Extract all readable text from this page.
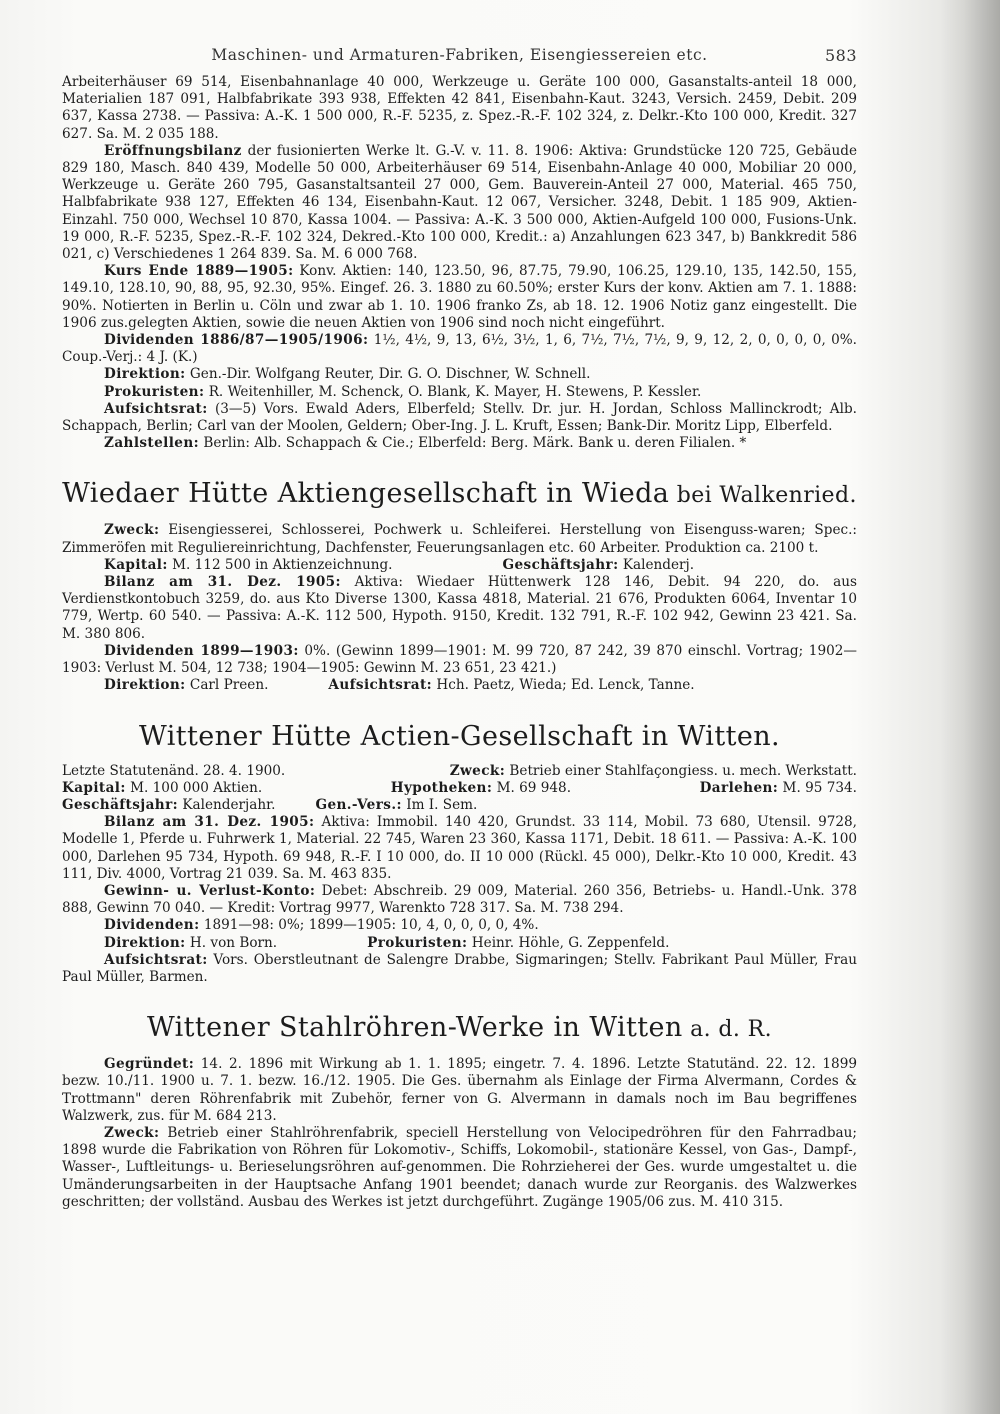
Maschinen- und Armaturen-Fabriken, Eisengiessereien etc.	583

Arbeiterhäuser 69 514, Eisenbahnanlage 40 000, Werkzeuge u. Geräte 100 000, Gasanstalts-anteil 18 000, Materialien 187 091, Halbfabrikate 393 938, Effekten 42 841, Eisenbahn-Kaut. 3243, Versich. 2459, Debit. 209 637, Kassa 2738. — Passiva: A.-K. 1 500 000, R.-F. 5235, z. Spez.-R.-F. 102 324, z. Delkr.-Kto 100 000, Kredit. 327 627. Sa. M. 2 035 188.

Eröffnungsbilanz der fusionierten Werke lt. G.-V. v. 11. 8. 1906: Aktiva: Grundstücke 120 725, Gebäude 829 180, Masch. 840 439, Modelle 50 000, Arbeiterhäuser 69 514, Eisenbahn-Anlage 40 000, Mobiliar 20 000, Werkzeuge u. Geräte 260 795, Gasanstaltsanteil 27 000, Gem. Bauverein-Anteil 27 000, Material. 465 750, Halbfabrikate 938 127, Effekten 46 134, Eisenbahn-Kaut. 12 067, Versicher. 3248, Debit. 1 185 909, Aktien-Einzahl. 750 000, Wechsel 10 870, Kassa 1004. — Passiva: A.-K. 3 500 000, Aktien-Aufgeld 100 000, Fusions-Unk. 19 000, R.-F. 5235, Spez.-R.-F. 102 324, Dekred.-Kto 100 000, Kredit.: a) Anzahlungen 623 347, b) Bankkredit 586 021, c) Verschiedenes 1 264 839. Sa. M. 6 000 768.

Kurs Ende 1889—1905: Konv. Aktien: 140, 123.50, 96, 87.75, 79.90, 106.25, 129.10, 135, 142.50, 155, 149.10, 128.10, 90, 88, 95, 92.30, 95%. Eingef. 26. 3. 1880 zu 60.50%; erster Kurs der konv. Aktien am 7. 1. 1888: 90%. Notierten in Berlin u. Cöln und zwar ab 1. 10. 1906 franko Zs, ab 18. 12. 1906 Notiz ganz eingestellt. Die 1906 zus.gelegten Aktien, sowie die neuen Aktien von 1906 sind noch nicht eingeführt.

Dividenden 1886/87—1905/1906: 1½, 4½, 9, 13, 6½, 3½, 1, 6, 7½, 7½, 7½, 9, 9, 12, 2, 0, 0, 0, 0, 0%. Coup.-Verj.: 4 J. (K.)

Direktion: Gen.-Dir. Wolfgang Reuter, Dir. G. O. Dischner, W. Schnell.

Prokuristen: R. Weitenhiller, M. Schenck, O. Blank, K. Mayer, H. Stewens, P. Kessler.

Aufsichtsrat: (3—5) Vors. Ewald Aders, Elberfeld; Stellv. Dr. jur. H. Jordan, Schloss Mallinckrodt; Alb. Schappach, Berlin; Carl van der Moolen, Geldern; Ober-Ing. J. L. Kruft, Essen; Bank-Dir. Moritz Lipp, Elberfeld.

Zahlstellen: Berlin: Alb. Schappach & Cie.; Elberfeld: Berg. Märk. Bank u. deren Filialen. *

Wiedaer Hütte Aktiengesellschaft in Wieda bei Walkenried.

Zweck: Eisengiesserei, Schlosserei, Pochwerk u. Schleiferei. Herstellung von Eisenguss-waren; Spec.: Zimmeröfen mit Reguliereinrichtung, Dachfenster, Feuerungsanlagen etc. 60 Arbeiter. Produktion ca. 2100 t.

Kapital: M. 112 500 in Aktienzeichnung.	Geschäftsjahr: Kalenderj.

Bilanz am 31. Dez. 1905: Aktiva: Wiedaer Hüttenwerk 128 146, Debit. 94 220, do. aus Verdienstkontobuch 3259, do. aus Kto Diverse 1300, Kassa 4818, Material. 21 676, Produkten 6064, Inventar 10 779, Wertp. 60 540. — Passiva: A.-K. 112 500, Hypoth. 9150, Kredit. 132 791, R.-F. 102 942, Gewinn 23 421. Sa. M. 380 806.

Dividenden 1899—1903: 0%. (Gewinn 1899—1901: M. 99 720, 87 242, 39 870 einschl. Vortrag; 1902—1903: Verlust M. 504, 12 738; 1904—1905: Gewinn M. 23 651, 23 421.)

Direktion: Carl Preen.	Aufsichtsrat: Hch. Paetz, Wieda; Ed. Lenck, Tanne.

Wittener Hütte Actien-Gesellschaft in Witten.
Letzte Statutenänd. 28. 4. 1900.	Zweck: Betrieb einer Stahlfaçongiess. u. mech. Werkstatt.
Kapital: M. 100 000 Aktien.	Hypotheken: M. 69 948.	Darlehen: M. 95 734.
Geschäftsjahr: Kalenderjahr.	Gen.-Vers.: Im I. Sem.

Bilanz am 31. Dez. 1905: Aktiva: Immobil. 140 420, Grundst. 33 114, Mobil. 73 680, Utensil. 9728, Modelle 1, Pferde u. Fuhrwerk 1, Material. 22 745, Waren 23 360, Kassa 1171, Debit. 18 611. — Passiva: A.-K. 100 000, Darlehen 95 734, Hypoth. 69 948, R.-F. I 10 000, do. II 10 000 (Rückl. 45 000), Delkr.-Kto 10 000, Kredit. 43 111, Div. 4000, Vortrag 21 039. Sa. M. 463 835.

Gewinn- u. Verlust-Konto: Debet: Abschreib. 29 009, Material. 260 356, Betriebs- u. Handl.-Unk. 378 888, Gewinn 70 040. — Kredit: Vortrag 9977, Warenkto 728 317. Sa. M. 738 294.

Dividenden: 1891—98: 0%; 1899—1905: 10, 4, 0, 0, 0, 0, 4%.

Direktion: H. von Born.	Prokuristen: Heinr. Höhle, G. Zeppenfeld.

Aufsichtsrat: Vors. Oberstleutnant de Salengre Drabbe, Sigmaringen; Stellv. Fabrikant Paul Müller, Frau Paul Müller, Barmen.

Wittener Stahlröhren-Werke in Witten a. d. R.

Gegründet: 14. 2. 1896 mit Wirkung ab 1. 1. 1895; eingetr. 7. 4. 1896. Letzte Statutänd. 22. 12. 1899 bezw. 10./11. 1900 u. 7. 1. bezw. 16./12. 1905. Die Ges. übernahm als Einlage der Firma Alvermann, Cordes & Trottmann" deren Röhrenfabrik mit Zubehör, ferner von G. Alvermann in damals noch im Bau begriffenes Walzwerk, zus. für M. 684 213.

Zweck: Betrieb einer Stahlröhrenfabrik, speciell Herstellung von Velocipedröhren für den Fahrradbau; 1898 wurde die Fabrikation von Röhren für Lokomotiv-, Schiffs, Lokomobil-, stationäre Kessel, von Gas-, Dampf-, Wasser-, Luftleitungs- u. Berieselungsröhren auf-genommen. Die Rohrzieherei der Ges. wurde umgestaltet u. die Umänderungsarbeiten in der Hauptsache Anfang 1901 beendet; danach wurde zur Reorganis. des Walzwerkes geschritten; der vollständ. Ausbau des Werkes ist jetzt durchgeführt. Zugänge 1905/06 zus. M. 410 315.
